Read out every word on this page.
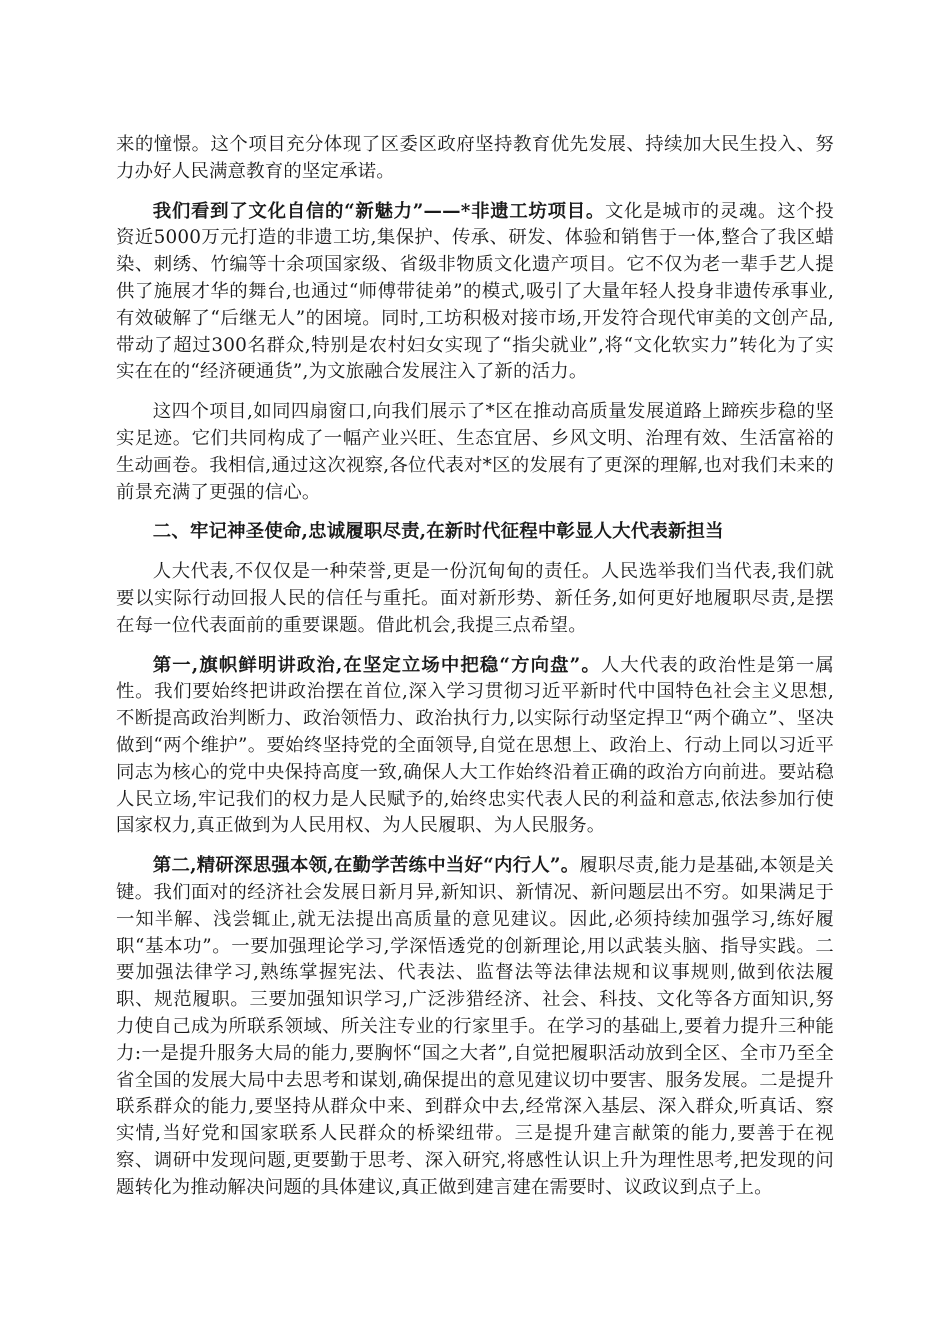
来的憧憬。这个项目充分体现了区委区政府坚持教育优先发展、持续加大民生投入、努力办好人民满意教育的坚定承诺。

我们看到了文化自信的“新魅力”——*非遗工坊项目。文化是城市的灵魂。这个投资近5000万元打造的非遗工坊,集保护、传承、研发、体验和销售于一体,整合了我区蜡染、刺绣、竹编等十余项国家级、省级非物质文化遗产项目。它不仅为老一辈手艺人提供了施展才华的舞台,也通过“师傅带徒弟”的模式,吸引了大量年轻人投身非遗传承事业,有效破解了“后继无人”的困境。同时,工坊积极对接市场,开发符合现代审美的文创产品,带动了超过300名群众,特别是农村妇女实现了“指尖就业”,将“文化软实力”转化为了实实在在的“经济硬通货”,为文旅融合发展注入了新的活力。

这四个项目,如同四扇窗口,向我们展示了*区在推动高质量发展道路上蹄疾步稳的坚实足迹。它们共同构成了一幅产业兴旺、生态宜居、乡风文明、治理有效、生活富裕的生动画卷。我相信,通过这次视察,各位代表对*区的发展有了更深的理解,也对我们未来的前景充满了更强的信心。

二、牢记神圣使命,忠诚履职尽责,在新时代征程中彰显人大代表新担当

人大代表,不仅仅是一种荣誉,更是一份沉甸甸的责任。人民选举我们当代表,我们就要以实际行动回报人民的信任与重托。面对新形势、新任务,如何更好地履职尽责,是摆在每一位代表面前的重要课题。借此机会,我提三点希望。

第一,旗帜鲜明讲政治,在坚定立场中把稳“方向盘”。人大代表的政治性是第一属性。我们要始终把讲政治摆在首位,深入学习贯彻习近平新时代中国特色社会主义思想,不断提高政治判断力、政治领悟力、政治执行力,以实际行动坚定捍卫“两个确立”、坚决做到“两个维护”。要始终坚持党的全面领导,自觉在思想上、政治上、行动上同以习近平同志为核心的党中央保持高度一致,确保人大工作始终沿着正确的政治方向前进。要站稳人民立场,牢记我们的权力是人民赋予的,始终忠实代表人民的利益和意志,依法参加行使国家权力,真正做到为人民用权、为人民履职、为人民服务。

第二,精研深思强本领,在勤学苦练中当好“内行人”。履职尽责,能力是基础,本领是关键。我们面对的经济社会发展日新月异,新知识、新情况、新问题层出不穷。如果满足于一知半解、浅尝辄止,就无法提出高质量的意见建议。因此,必须持续加强学习,练好履职“基本功”。一要加强理论学习,学深悟透党的创新理论,用以武装头脑、指导实践。二要加强法律学习,熟练掌握宪法、代表法、监督法等法律法规和议事规则,做到依法履职、规范履职。三要加强知识学习,广泛涉猎经济、社会、科技、文化等各方面知识,努力使自己成为所联系领域、所关注专业的行家里手。在学习的基础上,要着力提升三种能力:一是提升服务大局的能力,要胸怀“国之大者”,自觉把履职活动放到全区、全市乃至全省全国的发展大局中去思考和谋划,确保提出的意见建议切中要害、服务发展。二是提升联系群众的能力,要坚持从群众中来、到群众中去,经常深入基层、深入群众,听真话、察实情,当好党和国家联系人民群众的桥梁纽带。三是提升建言献策的能力,要善于在视察、调研中发现问题,更要勤于思考、深入研究,将感性认识上升为理性思考,把发现的问题转化为推动解决问题的具体建议,真正做到建言建在需要时、议政议到点子上。
